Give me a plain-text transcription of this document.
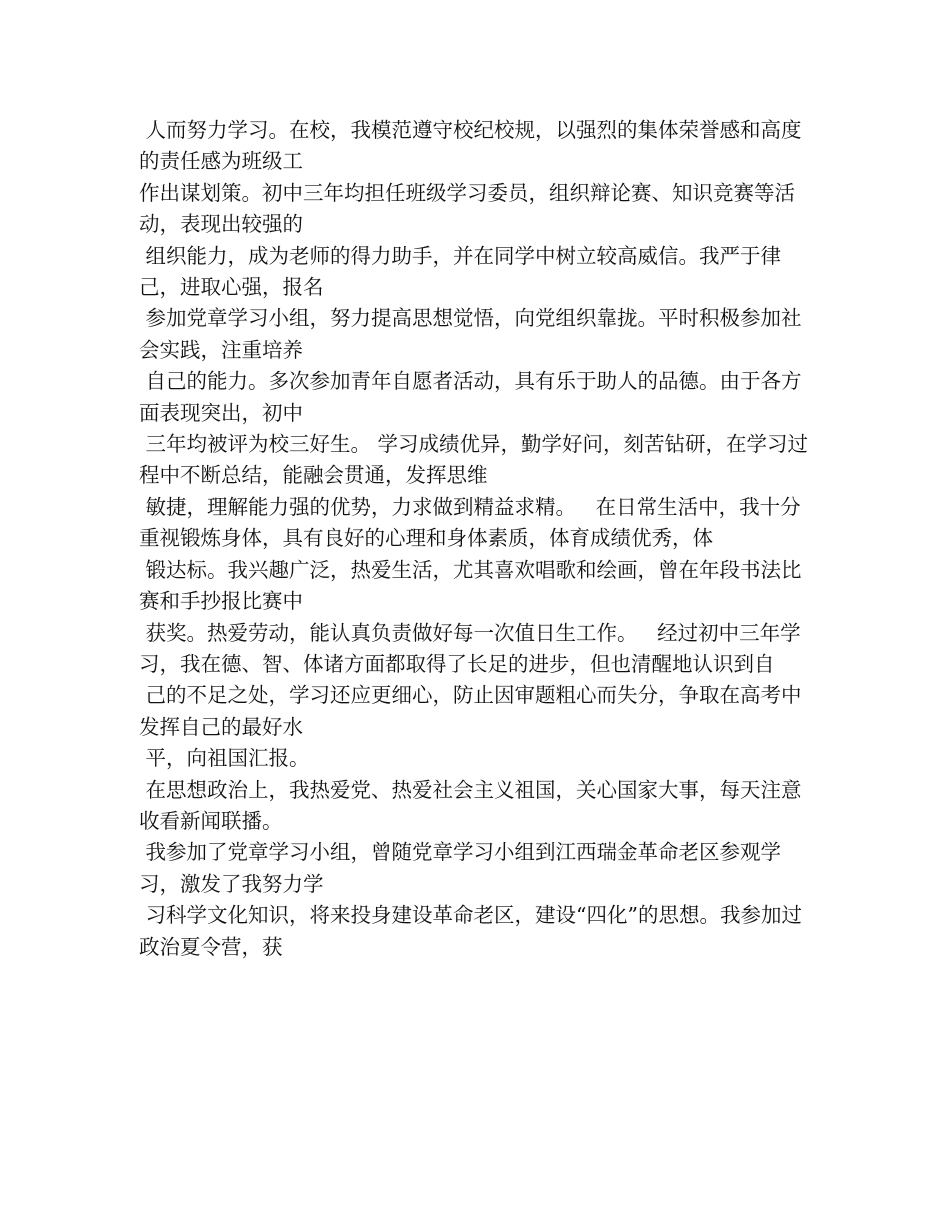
人而努力学习。在校，我模范遵守校纪校规，以强烈的集体荣誉感和高度的责任感为班级工
作出谋划策。初中三年均担任班级学习委员，组织辩论赛、知识竞赛等活动，表现出较强的
组织能力，成为老师的得力助手，并在同学中树立较高威信。我严于律己，进取心强，报名
参加党章学习小组，努力提高思想觉悟，向党组织靠拢。平时积极参加社会实践，注重培养
自己的能力。多次参加青年自愿者活动，具有乐于助人的品德。由于各方面表现突出，初中
三年均被评为校三好生。 学习成绩优异，勤学好问，刻苦钻研，在学习过程中不断总结，能融会贯通，发挥思维
敏捷，理解能力强的优势，力求做到精益求精。   在日常生活中，我十分重视锻炼身体，具有良好的心理和身体素质，体育成绩优秀，体
锻达标。我兴趣广泛，热爱生活，尤其喜欢唱歌和绘画，曾在年段书法比赛和手抄报比赛中
获奖。热爱劳动，能认真负责做好每一次值日生工作。   经过初中三年学习，我在德、智、体诸方面都取得了长足的进步，但也清醒地认识到自
己的不足之处，学习还应更细心，防止因审题粗心而失分，争取在高考中发挥自己的最好水
平，向祖国汇报。
在思想政治上，我热爱党、热爱社会主义祖国，关心国家大事，每天注意收看新闻联播。
我参加了党章学习小组，曾随党章学习小组到江西瑞金革命老区参观学习，激发了我努力学
习科学文化知识，将来投身建设革命老区，建设“四化”的思想。我参加过政治夏令营，获
